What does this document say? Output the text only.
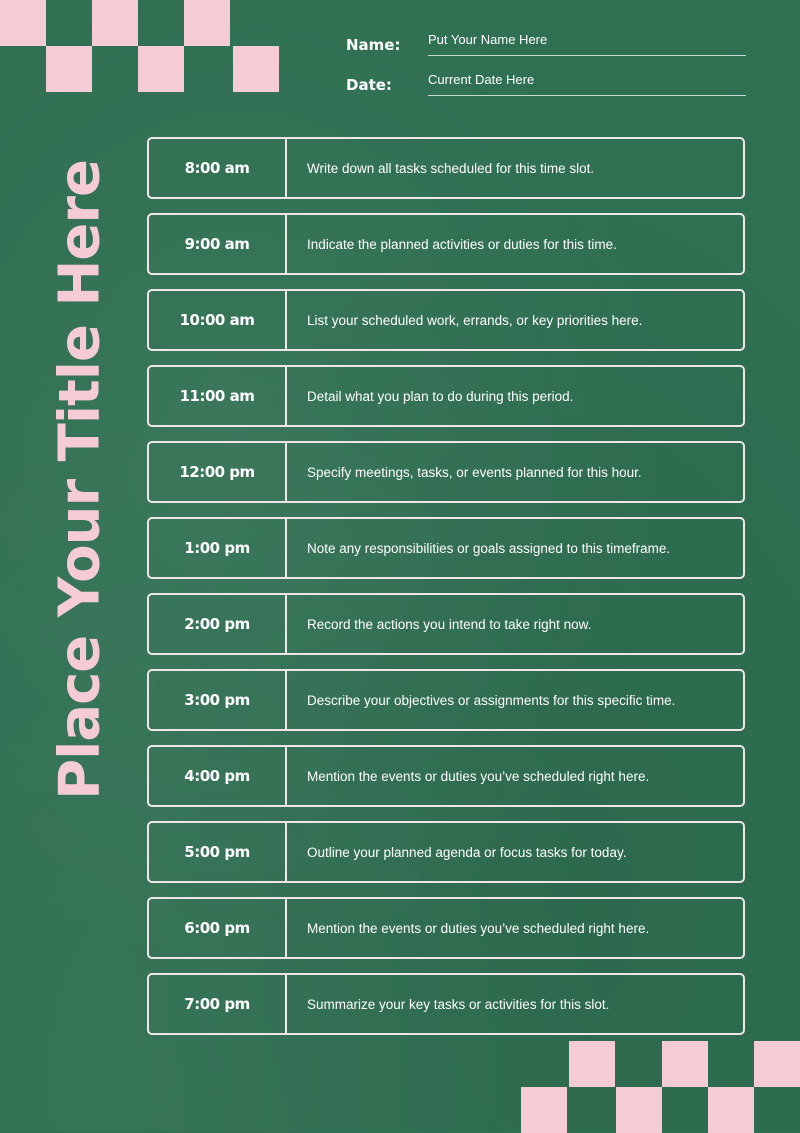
Name: Put Your Name Here
Date:	Current Date Here
Place Your Title Here	8:00 am	Write down all tasks scheduled for this time slot.
9:00 am	Indicate the planned activities or duties for this time.
10:00 am	List your scheduled work, errands, or key priorities here.
11:00 am	Detail what you plan to do during this period.
12:00 pm	Specify meetings, tasks, or events planned for this hour.
1:00 pm	Note any responsibilities or goals assigned to this timeframe.
2:00 pm	Record the actions you intend to take right now.
3:00 pm	Describe your objectives or assignments for this specific time.
4:00 pm	Mention the events or duties you’ve scheduled right here.
5:00 pm	Outline your planned agenda or focus tasks for today.
6:00 pm	Mention the events or duties you’ve scheduled right here.
7:00 pm	Summarize your key tasks or activities for this slot.
